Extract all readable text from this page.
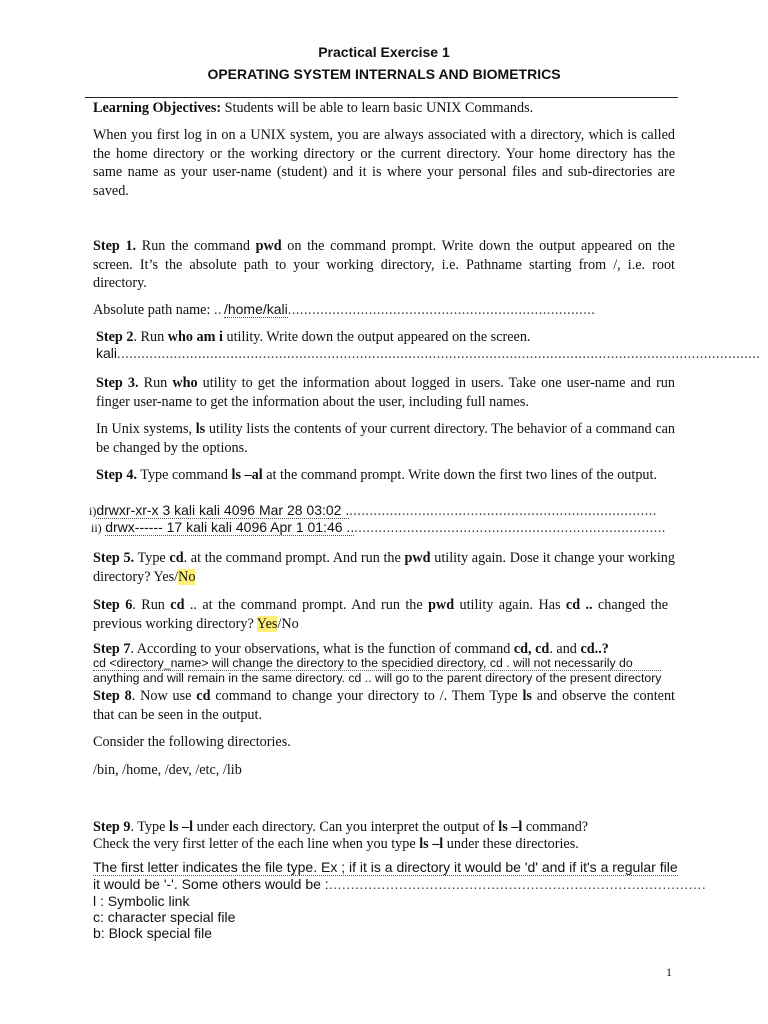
Practical Exercise 1
OPERATING SYSTEM INTERNALS AND BIOMETRICS
Learning Objectives: Students will be able to learn basic UNIX Commands.
When you first log in on a UNIX system, you are always associated with a directory, which is called the home directory or the working directory or the current directory. Your home directory has the same name as your user-name (student) and it is where your personal files and sub-directories are saved.
Step 1. Run the command pwd on the command prompt. Write down the output appeared on the screen. It’s the absolute path to your working directory, i.e. Pathname starting from /, i.e. root directory.
Absolute path name: .. /home/kali............................................................................
Step 2. Run who am i utility. Write down the output appeared on the screen.
kali...............................................................................................................................................................
Step 3. Run who utility to get the information about logged in users. Take one user-name and run finger user-name to get the information about the user, including full names.
In Unix systems, ls utility lists the contents of your current directory. The behavior of a command can be changed by the options.
Step 4. Type command ls –al at the command prompt. Write down the first two lines of the output.
i)drwxr-xr-x 3 kali kali 4096 Mar 28 03:02 .............................................................................
ii) drwx------ 17 kali kali 4096 Apr 1 01:46 ...............................................................................
Step 5. Type cd. at the command prompt. And run the pwd utility again. Dose it change your working directory? Yes/No
Step 6. Run cd .. at the command prompt. And run the pwd utility again. Has cd .. changed the previous working directory? Yes/No
Step 7. According to your observations, what is the function of command cd, cd. and cd..?
cd <directory_name> will change the directory to the specidied directory, cd . will not necessarily do
anything and will remain in the same directory. cd .. will go to the parent directory of the present directory
Step 8. Now use cd command to change your directory to /. Them Type ls and observe the content that can be seen in the output.
Consider the following directories.
/bin, /home, /dev, /etc, /lib
Step 9. Type ls –l under each directory. Can you interpret the output of ls –l command?
Check the very first letter of the each line when you type ls –l under these directories.
The first letter indicates the file type. Ex ; if it is a directory it would be 'd' and if it's a regular file
it would be '-'. Some others would be :......................................................................................
l : Symbolic link
c: character special file
b: Block special file
1
